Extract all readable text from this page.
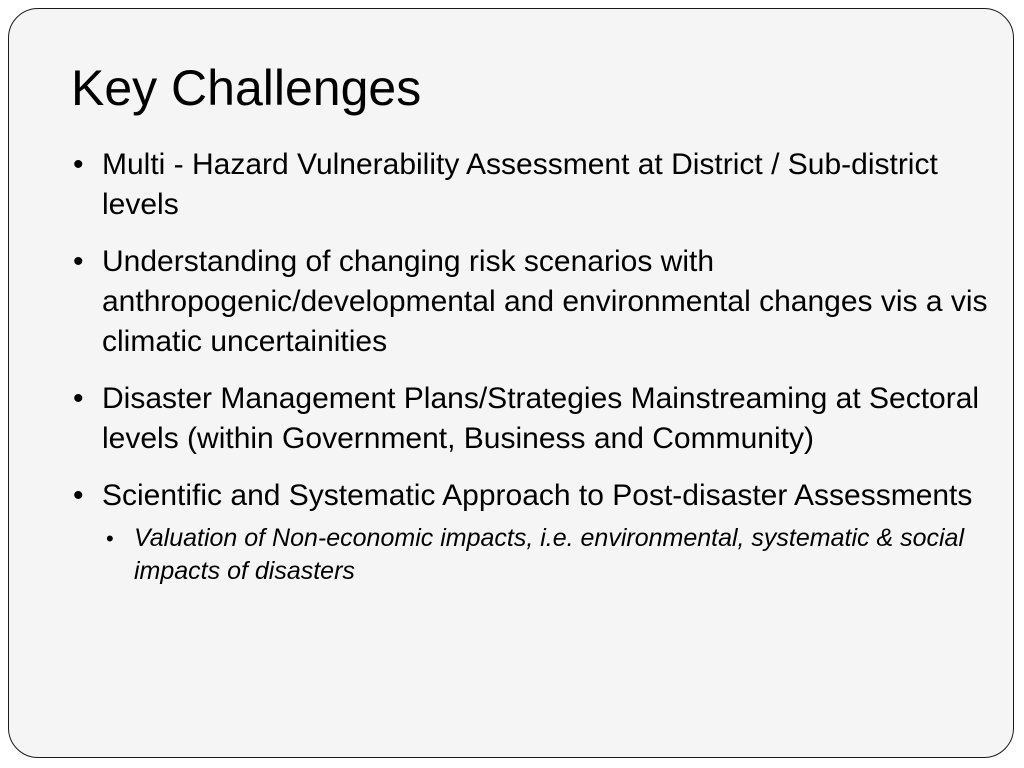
Key Challenges
• Multi - Hazard Vulnerability Assessment at District / Sub-district levels
• Understanding of changing risk scenarios with anthropogenic/developmental and environmental changes vis a vis climatic uncertainities
• Disaster Management Plans/Strategies Mainstreaming at Sectoral levels (within Government, Business and Community)
• Scientific and Systematic Approach to Post-disaster Assessments
• Valuation of Non-economic impacts, i.e. environmental, systematic & social impacts of disasters
